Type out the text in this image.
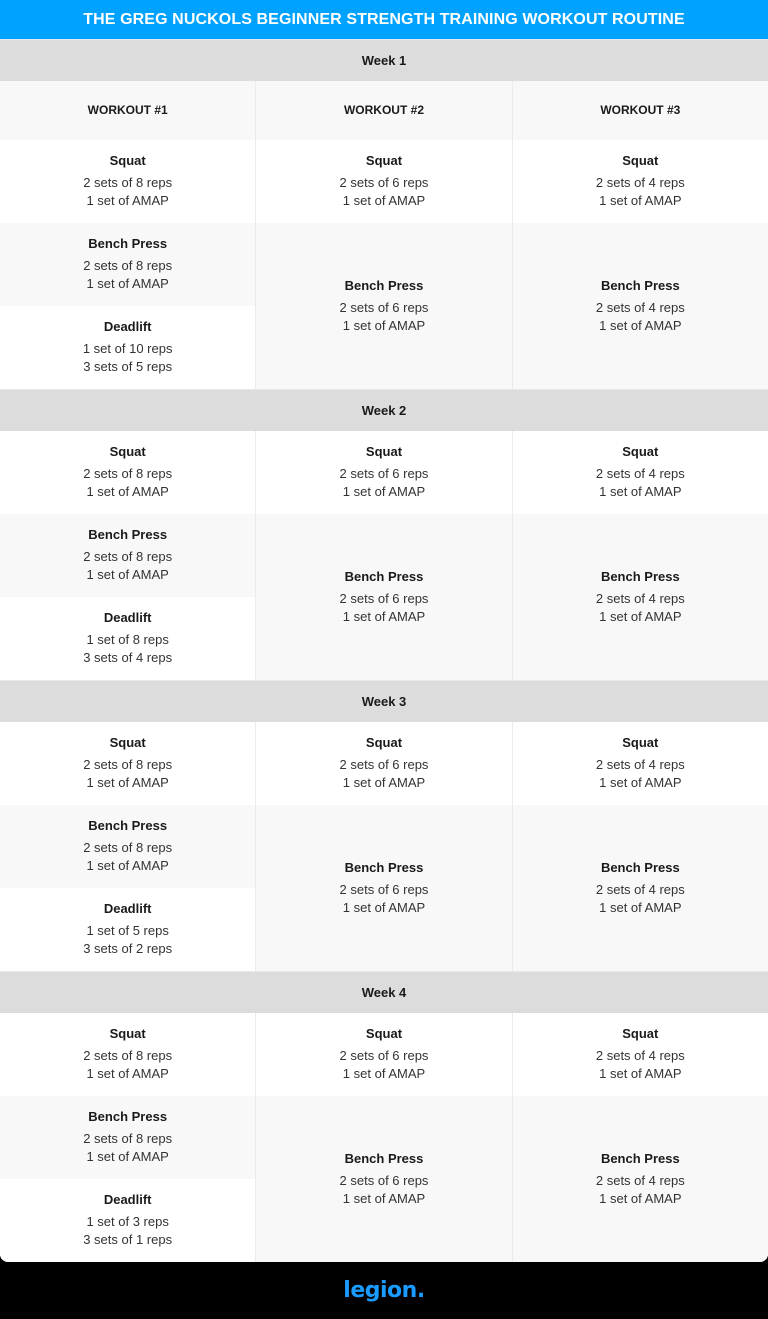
THE GREG NUCKOLS BEGINNER STRENGTH TRAINING WORKOUT ROUTINE
Week 1
WORKOUT #1	WORKOUT #2	WORKOUT #3
Squat
2 sets of 8 reps
1 set of AMAP
Bench Press
2 sets of 8 reps
1 set of AMAP
Deadlift
1 set of 10 reps
3 sets of 5 reps
Squat
2 sets of 6 reps
1 set of AMAP
Bench Press
2 sets of 6 reps
1 set of AMAP
Squat
2 sets of 4 reps
1 set of AMAP
Bench Press
2 sets of 4 reps
1 set of AMAP
Week 2
Squat
2 sets of 8 reps
1 set of AMAP
Bench Press
2 sets of 8 reps
1 set of AMAP
Deadlift
1 set of 8 reps
3 sets of 4 reps
Squat
2 sets of 6 reps
1 set of AMAP
Bench Press
2 sets of 6 reps
1 set of AMAP
Squat
2 sets of 4 reps
1 set of AMAP
Bench Press
2 sets of 4 reps
1 set of AMAP
Week 3
Squat
2 sets of 8 reps
1 set of AMAP
Bench Press
2 sets of 8 reps
1 set of AMAP
Deadlift
1 set of 5 reps
3 sets of 2 reps
Squat
2 sets of 6 reps
1 set of AMAP
Bench Press
2 sets of 6 reps
1 set of AMAP
Squat
2 sets of 4 reps
1 set of AMAP
Bench Press
2 sets of 4 reps
1 set of AMAP
Week 4
Squat
2 sets of 8 reps
1 set of AMAP
Bench Press
2 sets of 8 reps
1 set of AMAP
Deadlift
1 set of 3 reps
3 sets of 1 reps
Squat
2 sets of 6 reps
1 set of AMAP
Bench Press
2 sets of 6 reps
1 set of AMAP
Squat
2 sets of 4 reps
1 set of AMAP
Bench Press
2 sets of 4 reps
1 set of AMAP
legion.
